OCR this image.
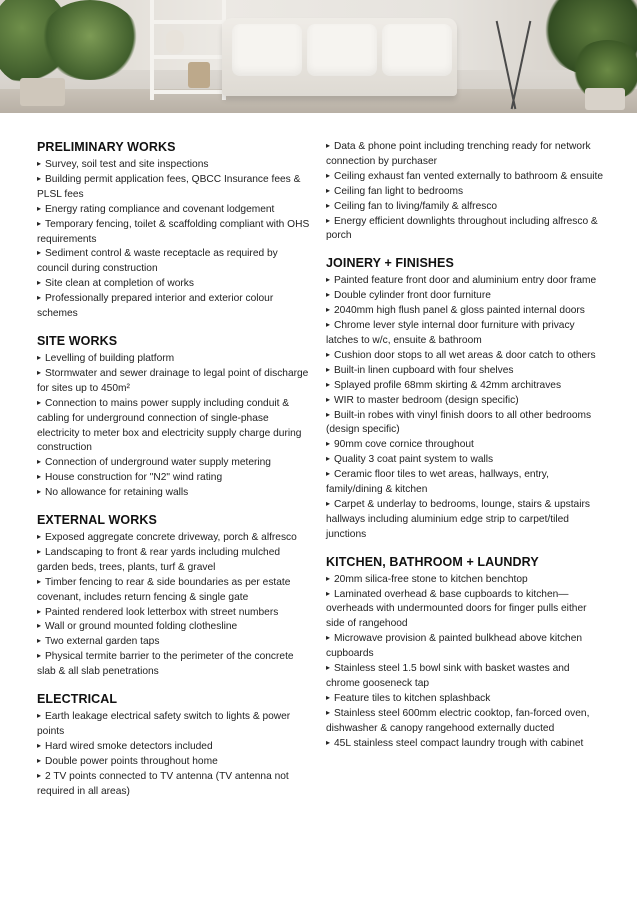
PRELIMINARY WORKS
▸ Survey, soil test and site inspections
▸ Building permit application fees, QBCC Insurance fees & PLSL fees
▸ Energy rating compliance and covenant lodgement
▸ Temporary fencing, toilet & scaffolding compliant with OHS requirements
▸ Sediment control & waste receptacle as required by council during construction
▸ Site clean at completion of works
▸ Professionally prepared interior and exterior colour schemes
SITE WORKS
▸ Levelling of building platform
▸ Stormwater and sewer drainage to legal point of discharge for sites up to 450m²
▸ Connection to mains power supply including conduit & cabling for underground connection of single-phase electricity to meter box and electricity supply charge during construction
▸ Connection of underground water supply metering
▸ House construction for "N2" wind rating
▸ No allowance for retaining walls
EXTERNAL WORKS
▸ Exposed aggregate concrete driveway, porch & alfresco
▸ Landscaping to front & rear yards including mulched garden beds, trees, plants, turf & gravel
▸ Timber fencing to rear & side boundaries as per estate covenant, includes return fencing & single gate
▸ Painted rendered look letterbox with street numbers
▸ Wall or ground mounted folding clothesline
▸ Two external garden taps
▸ Physical termite barrier to the perimeter of the concrete slab & all slab penetrations
ELECTRICAL
▸ Earth leakage electrical safety switch to lights & power points
▸ Hard wired smoke detectors included
▸ Double power points throughout home
▸ 2 TV points connected to TV antenna (TV antenna not required in all areas)
▸ Data & phone point including trenching ready for network connection by purchaser
▸ Ceiling exhaust fan vented externally to bathroom & ensuite
▸ Ceiling fan light to bedrooms
▸ Ceiling fan to living/family & alfresco
▸ Energy efficient downlights throughout including alfresco & porch
JOINERY + FINISHES
▸ Painted feature front door and aluminium entry door frame
▸ Double cylinder front door furniture
▸ 2040mm high flush panel & gloss painted internal doors
▸ Chrome lever style internal door furniture with privacy latches to w/c, ensuite & bathroom
▸ Cushion door stops to all wet areas & door catch to others
▸ Built-in linen cupboard with four shelves
▸ Splayed profile 68mm skirting & 42mm architraves
▸ WIR to master bedroom (design specific)
▸ Built-in robes with vinyl finish doors to all other bedrooms (design specific)
▸ 90mm cove cornice throughout
▸ Quality 3 coat paint system to walls
▸ Ceramic floor tiles to wet areas, hallways, entry, family/dining & kitchen
▸ Carpet & underlay to bedrooms, lounge, stairs & upstairs hallways including aluminium edge strip to carpet/tiled junctions
KITCHEN, BATHROOM + LAUNDRY
▸ 20mm silica-free stone to kitchen benchtop
▸ Laminated overhead & base cupboards to kitchen—overheads with undermounted doors for finger pulls either side of rangehood
▸ Microwave provision & painted bulkhead above kitchen cupboards
▸ Stainless steel 1.5 bowl sink with basket wastes and chrome gooseneck tap
▸ Feature tiles to kitchen splashback
▸ Stainless steel 600mm electric cooktop, fan-forced oven, dishwasher & canopy rangehood externally ducted
▸ 45L stainless steel compact laundry trough with cabinet
